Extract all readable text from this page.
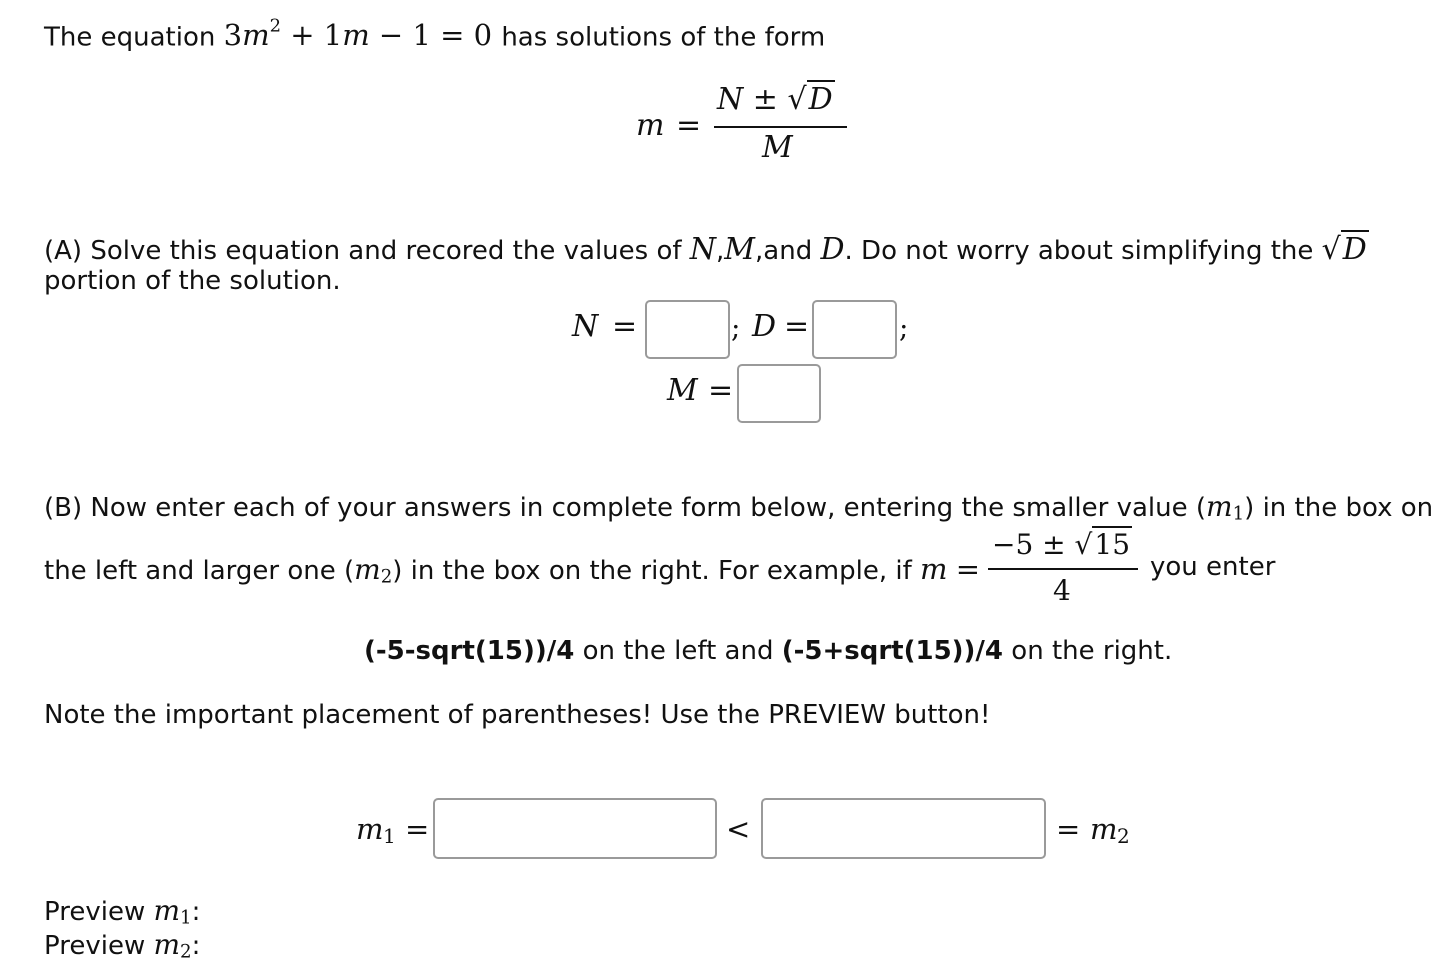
The equation $3m^2 + 1m - 1 = 0$ has solutions of the form
m =
N ± √D
M
(A) Solve this equation and recored the values of N,M,and D. Do not worry about simplifying the √D
portion of the solution.
N =	; D =	;
M =
(B) Now enter each of your answers in complete form below, entering the smaller value $(m_1)$ in the box on
the left and larger one $(m_2)$ in the box on the right. For example, if m =
−5 ± √15
4
you enter
(-5-sqrt(15))/4 on the left and (-5+sqrt(15))/4 on the right.
Note the important placement of parentheses! Use the PREVIEW button!
m 1 =	<	= m 2
Preview $m_1$:
Preview $m_2$:
